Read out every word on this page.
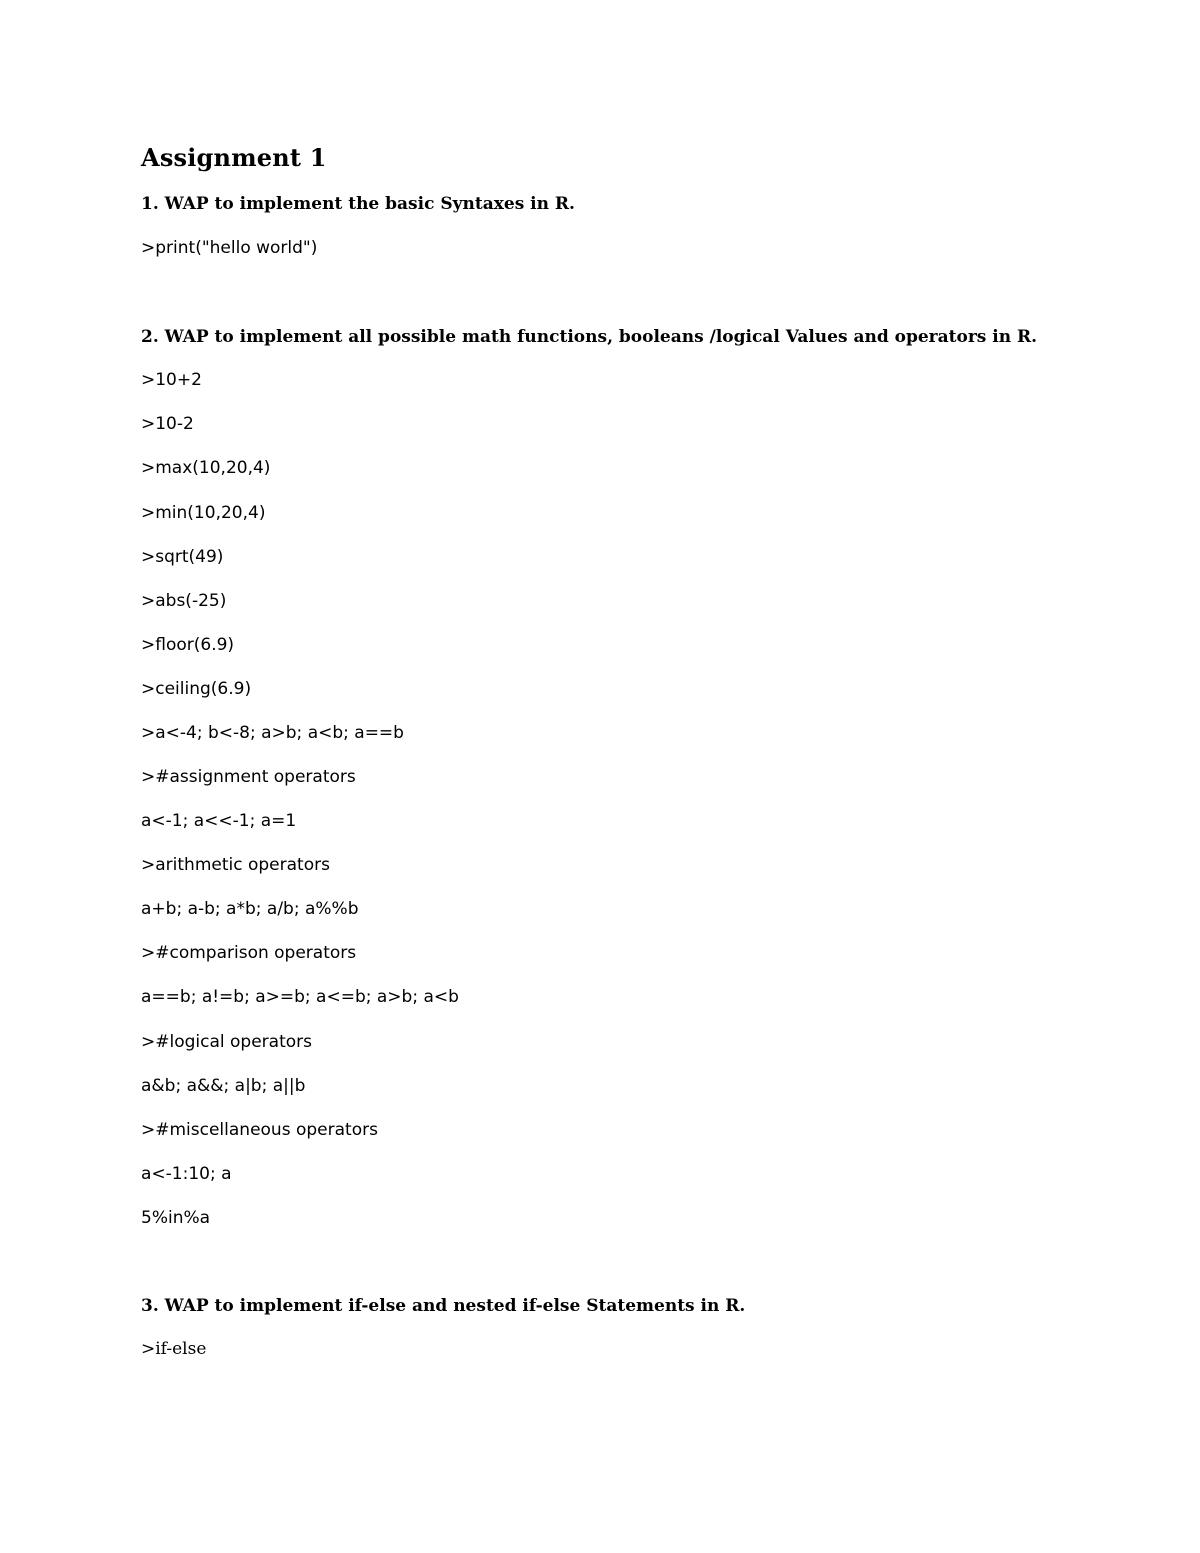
Assignment 1
1. WAP to implement the basic Syntaxes in R.
>print("hello world")
2. WAP to implement all possible math functions, booleans /logical Values and operators in R.
>10+2
>10-2
>max(10,20,4)
>min(10,20,4)
>sqrt(49)
>abs(-25)
>floor(6.9)
>ceiling(6.9)
>a<-4; b<-8; a>b; a<b; a==b
>#assignment operators
a<-1; a<<-1; a=1
>arithmetic operators
a+b; a-b; a*b; a/b; a%%b
>#comparison operators
a==b; a!=b; a>=b; a<=b; a>b; a<b
>#logical operators
a&b; a&&; a|b; a||b
>#miscellaneous operators
a<-1:10; a
5%in%a
3. WAP to implement if-else and nested if-else Statements in R.
>if-else
